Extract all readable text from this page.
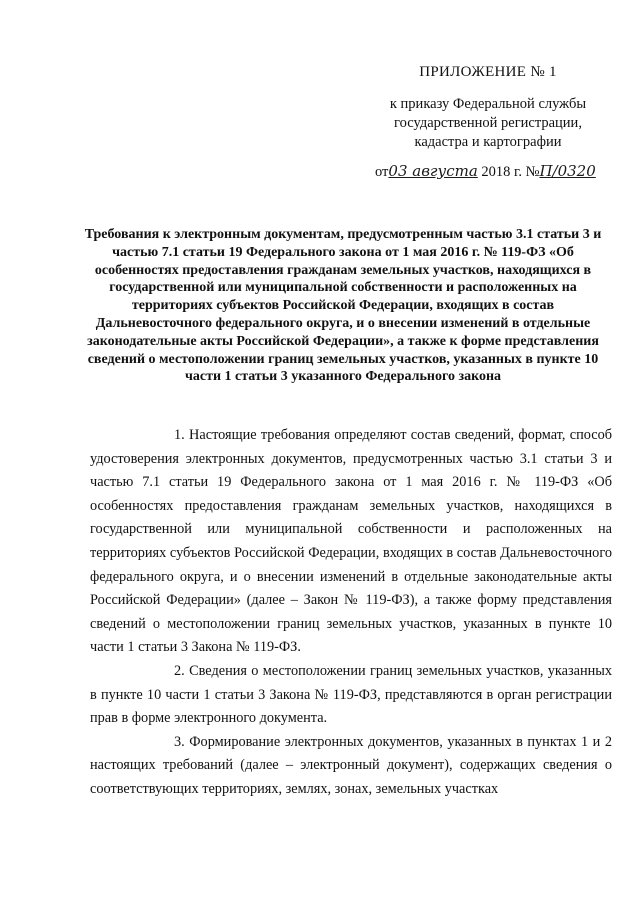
ПРИЛОЖЕНИЕ № 1
к приказу Федеральной службы
государственной регистрации,
кадастра и картографии
от03 августа 2018 г. №П/0320
Требования к электронным документам, предусмотренным частью 3.1 статьи 3 и частью 7.1 статьи 19 Федерального закона от 1 мая 2016 г. № 119-ФЗ «Об особенностях предоставления гражданам земельных участков, находящихся в государственной или муниципальной собственности и расположенных на территориях субъектов Российской Федерации, входящих в состав Дальневосточного федерального округа, и о внесении изменений в отдельные законодательные акты Российской Федерации», а также к форме представления сведений о местоположении границ земельных участков, указанных в пункте 10 части 1 статьи 3 указанного Федерального закона

1. Настоящие требования определяют состав сведений, формат, способ удостоверения электронных документов, предусмотренных частью 3.1 статьи 3 и частью 7.1 статьи 19 Федерального закона от 1 мая 2016 г. № 119-ФЗ «Об особенностях предоставления гражданам земельных участков, находящихся в государственной или муниципальной собственности и расположенных на территориях субъектов Российской Федерации, входящих в состав Дальневосточного федерального округа, и о внесении изменений в отдельные законодательные акты Российской Федерации» (далее – Закон № 119-ФЗ), а также форму представления сведений о местоположении границ земельных участков, указанных в пункте 10 части 1 статьи 3 Закона № 119-ФЗ.

2. Сведения о местоположении границ земельных участков, указанных в пункте 10 части 1 статьи 3 Закона № 119-ФЗ, представляются в орган регистрации прав в форме электронного документа.

3. Формирование электронных документов, указанных в пунктах 1 и 2 настоящих требований (далее – электронный документ), содержащих сведения о соответствующих территориях, землях, зонах, земельных участках
